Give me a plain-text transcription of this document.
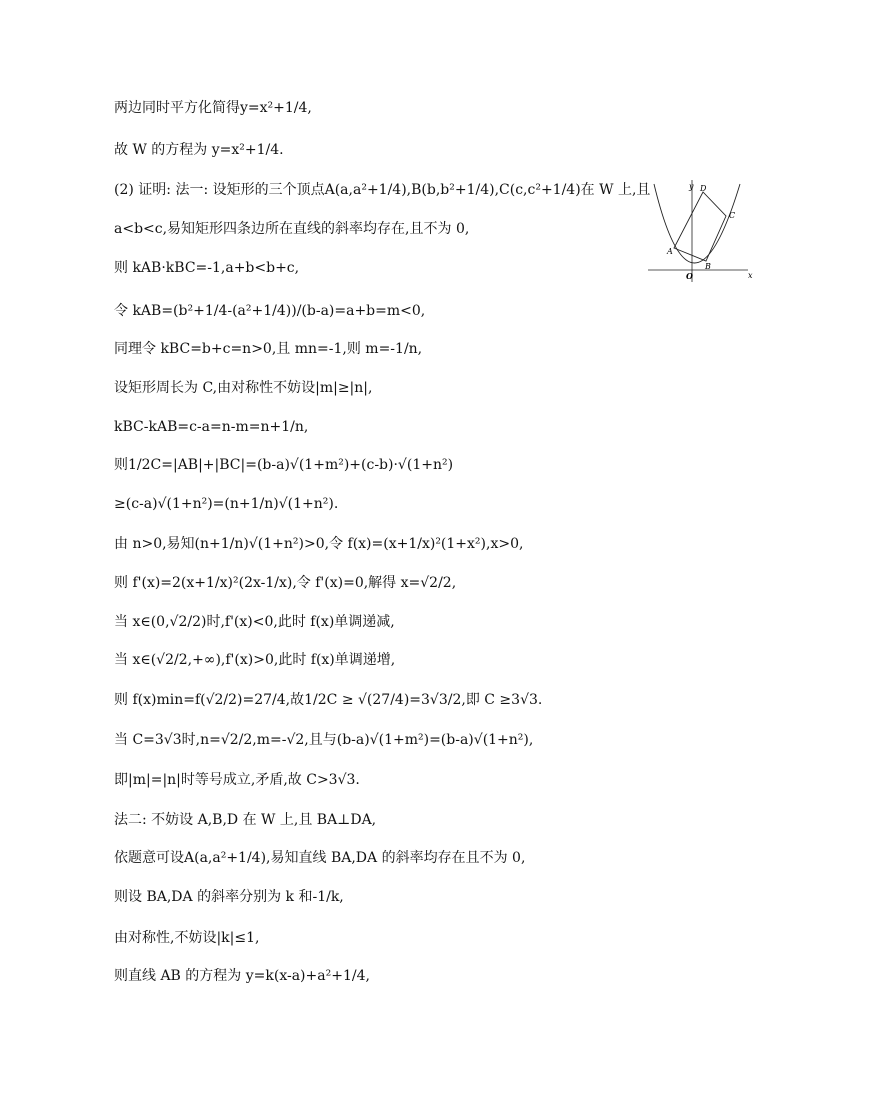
两边同时平方化简得y=x²+1/4,
故 W 的方程为 y=x²+1/4.
(2) 证明: 法一: 设矩形的三个顶点A(a,a²+1/4),B(b,b²+1/4),C(c,c²+1/4)在 W 上,且
a<b<c,易知矩形四条边所在直线的斜率均存在,且不为 0,
则 kAB·kBC=-1,a+b<b+c,
令 kAB=(b²+1/4-(a²+1/4))/(b-a)=a+b=m<0,
同理令 kBC=b+c=n>0,且 mn=-1,则 m=-1/n,
设矩形周长为 C,由对称性不妨设|m|≥|n|,
kBC-kAB=c-a=n-m=n+1/n,
则1/2C=|AB|+|BC|=(b-a)√(1+m²)+(c-b)·√(1+n²)
≥(c-a)√(1+n²)=(n+1/n)√(1+n²).
由 n>0,易知(n+1/n)√(1+n²)>0,令 f(x)=(x+1/x)²(1+x²),x>0,
则 f'(x)=2(x+1/x)²(2x-1/x),令 f'(x)=0,解得 x=√2/2,
当 x∈(0,√2/2)时,f'(x)<0,此时 f(x)单调递减,
当 x∈(√2/2,+∞),f'(x)>0,此时 f(x)单调递增,
则 f(x)min=f(√2/2)=27/4,故1/2C ≥ √(27/4)=3√3/2,即 C ≥3√3.
当 C=3√3时,n=√2/2,m=-√2,且与(b-a)√(1+m²)=(b-a)√(1+n²),
即|m|=|n|时等号成立,矛盾,故 C>3√3.
法二: 不妨设 A,B,D 在 W 上,且 BA⊥DA,
依题意可设A(a,a²+1/4),易知直线 BA,DA 的斜率均存在且不为 0,
则设 BA,DA 的斜率分别为 k 和-1/k,
由对称性,不妨设|k|≤1,
则直线 AB 的方程为 y=k(x-a)+a²+1/4,
y
x
O
A
B
C
D
